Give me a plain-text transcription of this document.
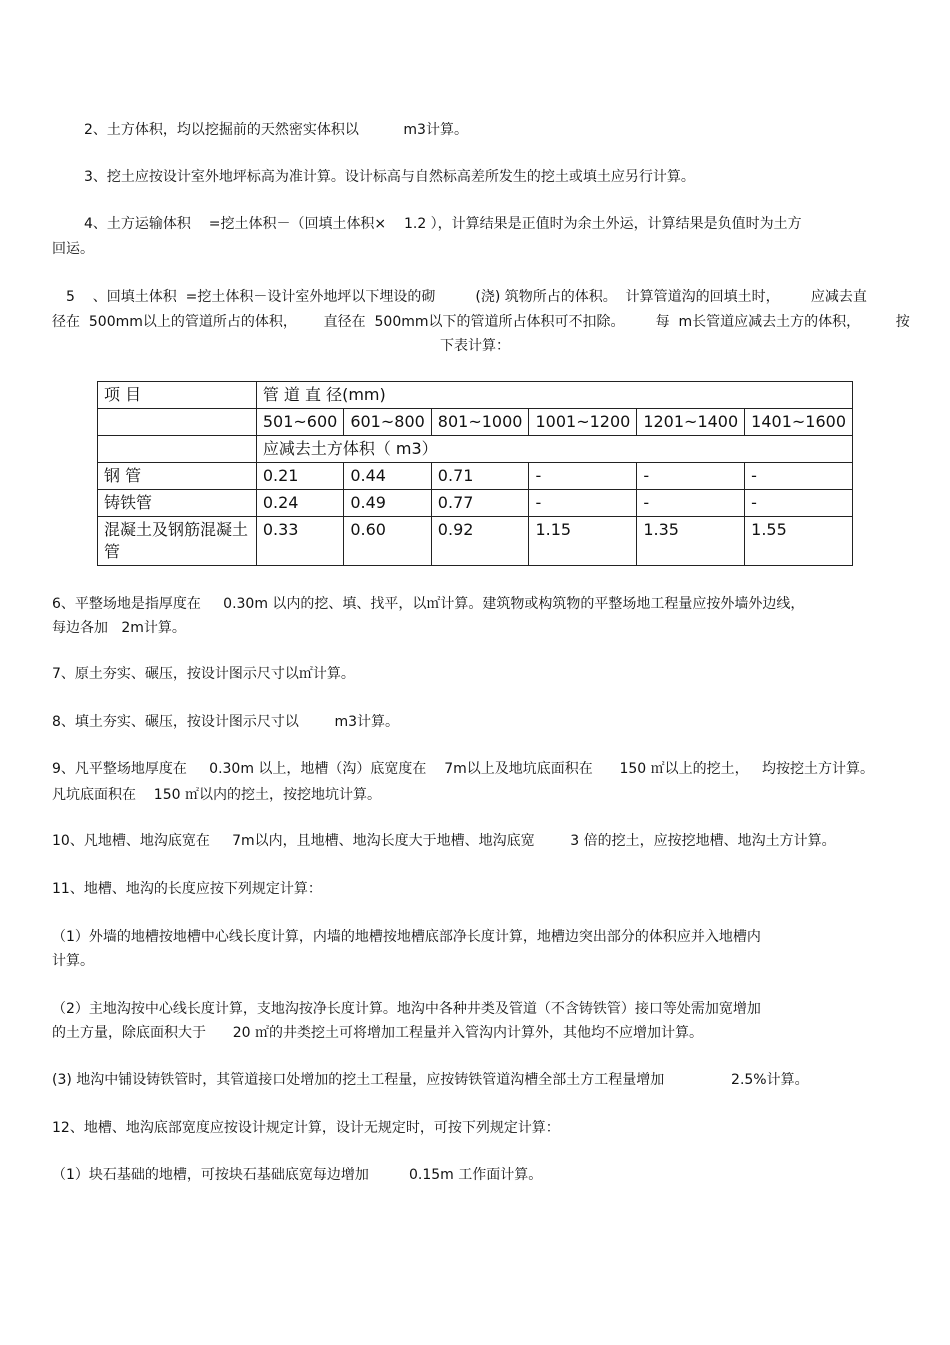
2、土方体积，均以挖掘前的天然密实体积以          m3计算。
3、挖土应按设计室外地坪标高为准计算。设计标高与自然标高差所发生的挖土或填土应另行计算。
4、土方运输体积    =挖土体积－（回填土体积×    1.2 ），计算结果是正值时为余土外运，计算结果是负值时为土方
回运。
5    、回填土体积  =挖土体积－设计室外地坪以下埋设的砌         (浇) 筑物所占的体积。  计算管道沟的回填土时，       应减去直
径在  500mm以上的管道所占的体积，      直径在  500mm以下的管道所占体积可不扣除。       每  m长管道应减去土方的体积，        按
下表计算：
项 目	管 道 直 径(mm)					
	501~600	601~800	801~1000	1001~1200	1201~1400	1401~1600
	应减去土方体积（ m3）					
钢 管	0.21	0.44	0.71	-	-	-
铸铁管	0.24	0.49	0.77	-	-	-
混凝土及钢筋混凝土管	0.33	0.60	0.92	1.15	1.35	1.55
6、平整场地是指厚度在     0.30m 以内的挖、填、找平，以㎡计算。建筑物或构筑物的平整场地工程量应按外墙外边线，
每边各加   2m计算。
7、原土夯实、碾压，按设计图示尺寸以㎡计算。
8、填土夯实、碾压，按设计图示尺寸以        m3计算。
9、凡平整场地厚度在     0.30m 以上，地槽（沟）底宽度在    7m以上及地坑底面积在      150 ㎡以上的挖土，   均按挖土方计算。
凡坑底面积在    150 ㎡以内的挖土，按挖地坑计算。
10、凡地槽、地沟底宽在     7m以内，且地槽、地沟长度大于地槽、地沟底宽        3 倍的挖土，应按挖地槽、地沟土方计算。
11、地槽、地沟的长度应按下列规定计算：
（1）外墙的地槽按地槽中心线长度计算，内墙的地槽按地槽底部净长度计算，地槽边突出部分的体积应并入地槽内
计算。
（2）主地沟按中心线长度计算，支地沟按净长度计算。地沟中各种井类及管道（不含铸铁管）接口等处需加宽增加
的土方量，除底面积大于      20 ㎡的井类挖土可将增加工程量并入管沟内计算外，其他均不应增加计算。
(3) 地沟中铺设铸铁管时，其管道接口处增加的挖土工程量，应按铸铁管道沟槽全部土方工程量增加               2.5%计算。
12、地槽、地沟底部宽度应按设计规定计算，设计无规定时，可按下列规定计算：
（1）块石基础的地槽，可按块石基础底宽每边增加         0.15m 工作面计算。
